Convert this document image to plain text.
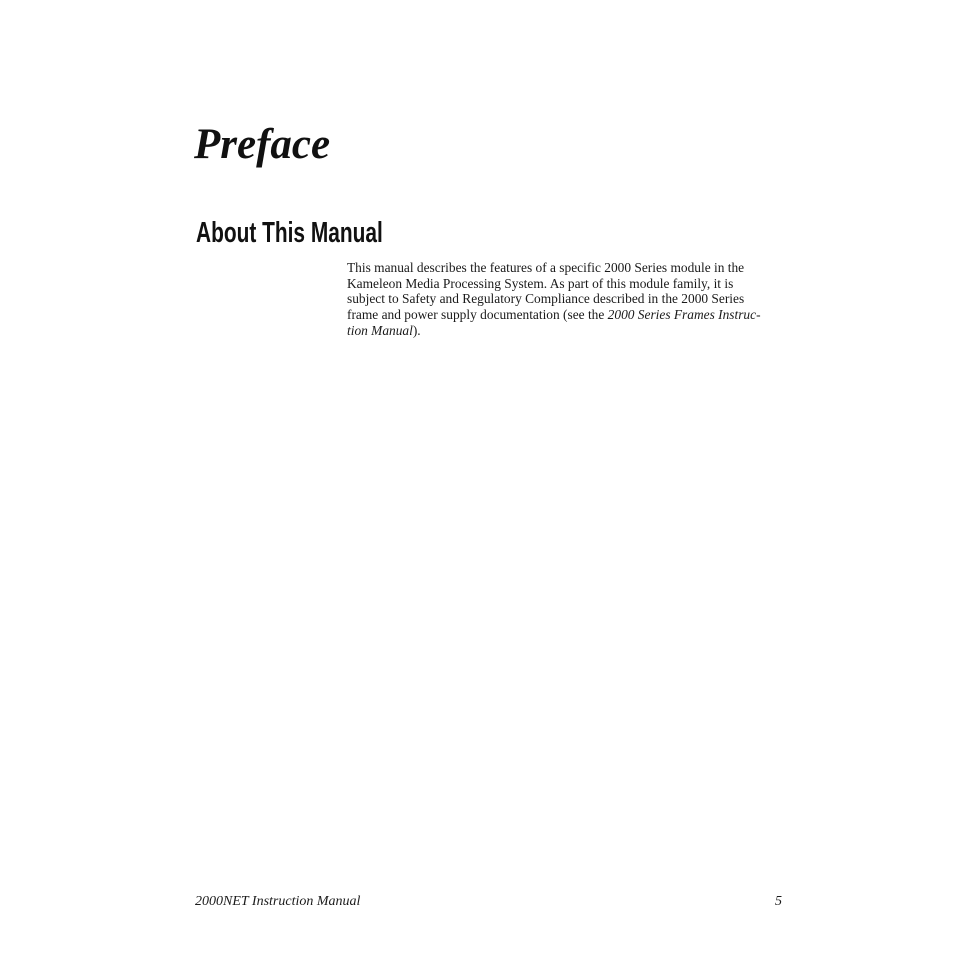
Preface
About This Manual
This manual describes the features of a specific 2000 Series module in the
Kameleon Media Processing System. As part of this module family, it is
subject to Safety and Regulatory Compliance described in the 2000 Series
frame and power supply documentation (see the 2000 Series Frames Instruc-
tion Manual).
2000NET Instruction Manual	5
